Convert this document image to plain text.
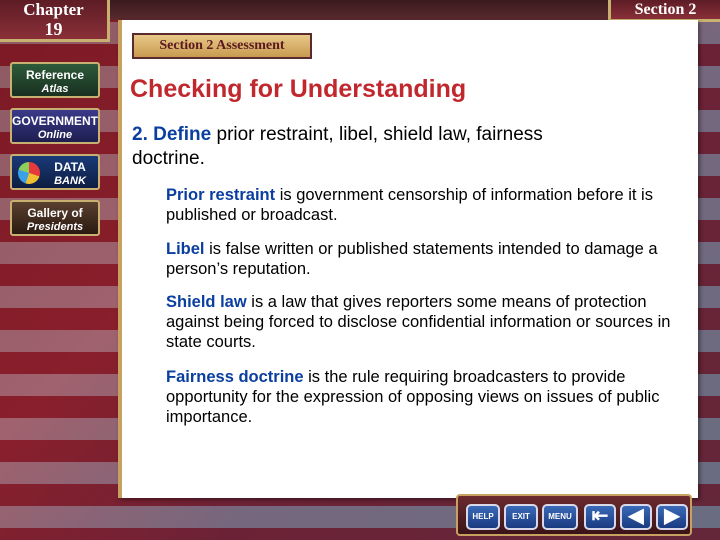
Chapter
19
Section 2
Reference
Atlas
GOVERNMENT
Online
DATA
BANK
Gallery of
Presidents
Section 2 Assessment
Checking for Understanding
2. Define prior restraint, libel, shield law, fairness doctrine.
Prior restraint is government censorship of information before it is published or broadcast.
Libel is false written or published statements intended to damage a person’s reputation.
Shield law is a law that gives reporters some means of protection against being forced to disclose confidential information or sources in state courts.
Fairness doctrine is the rule requiring broadcasters to provide opportunity for the expression of opposing views on issues of public importance.
HELP	EXIT	MENU ⇤ ◀	▶
